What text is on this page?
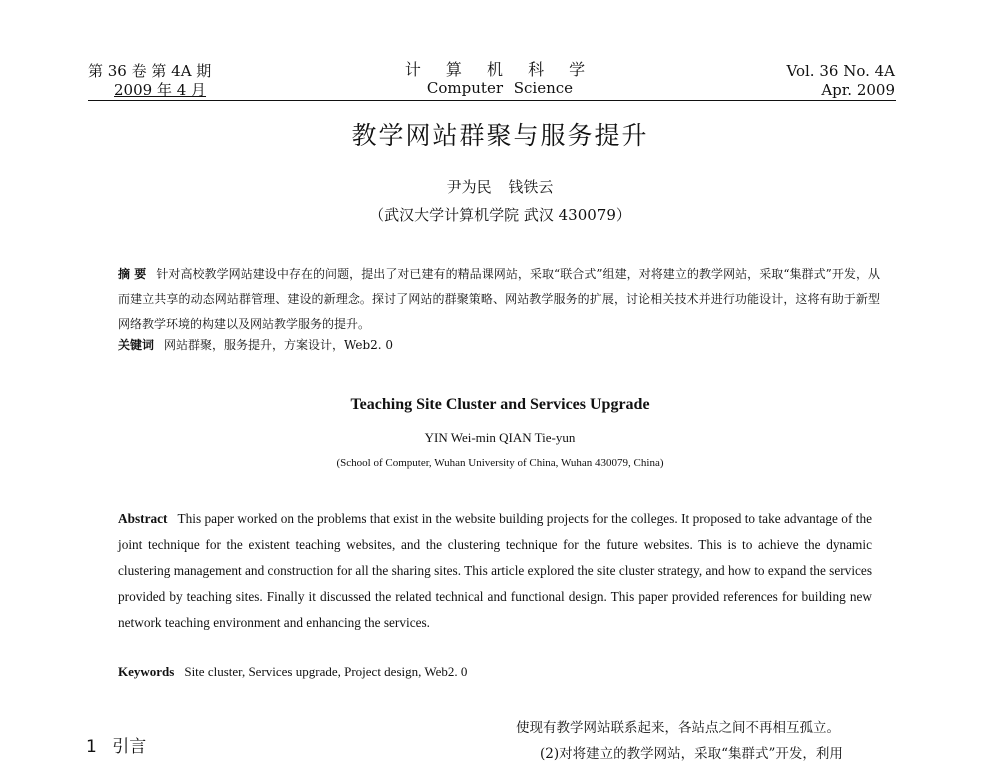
第 36 卷 第 4A 期
2009 年 4 月
计 算 机 科 学
Computer Science
Vol. 36 No. 4A
Apr. 2009
教学网站群聚与服务提升
尹为民 钱铁云
（武汉大学计算机学院 武汉 430079）
摘 要 针对高校教学网站建设中存在的问题，提出了对已建有的精品课网站，采取“联合式”组建，对将建立的教学网站，采取“集群式”开发，从而建立共享的动态网站群管理、建设的新理念。探讨了网站的群聚策略、网站教学服务的扩展，讨论相关技术并进行功能设计，这将有助于新型网络教学环境的构建以及网站教学服务的提升。
关键词 网站群聚，服务提升，方案设计，Web2. 0
Teaching Site Cluster and Services Upgrade
YIN Wei-min QIAN Tie-yun
(School of Computer, Wuhan University of China, Wuhan 430079, China)
Abstract This paper worked on the problems that exist in the website building projects for the colleges. It proposed to take advantage of the joint technique for the existent teaching websites, and the clustering technique for the future websites. This is to achieve the dynamic clustering management and construction for all the sharing sites. This article explored the site cluster strategy, and how to expand the services provided by teaching sites. Finally it discussed the related technical and functional design. This paper provided references for building new network teaching environment and enhancing the services.
Keywords Site cluster, Services upgrade, Project design, Web2. 0
1 引言
使现有教学网站联系起来，各站点之间不再相互孤立。
(2)对将建立的教学网站，采取“集群式”开发，利用
